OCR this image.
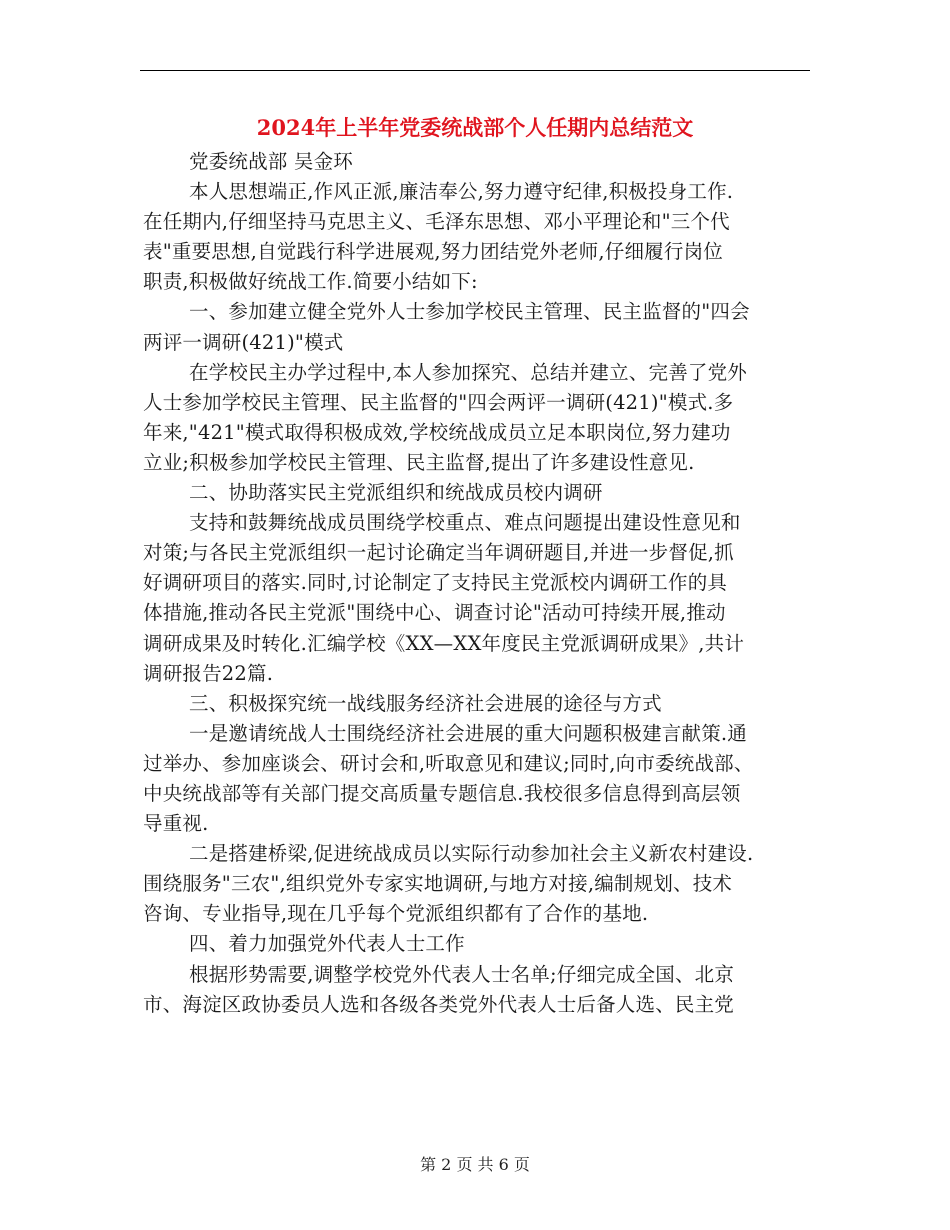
2024年上半年党委统战部个人任期内总结范文

党委统战部 吴金环

本人思想端正,作风正派,廉洁奉公,努力遵守纪律,积极投身工作.

在任期内,仔细坚持马克思主义、毛泽东思想、邓小平理论和"三个代

表"重要思想,自觉践行科学进展观,努力团结党外老师,仔细履行岗位

职责,积极做好统战工作.简要小结如下:

一、参加建立健全党外人士参加学校民主管理、民主监督的"四会

两评一调研(421)"模式

在学校民主办学过程中,本人参加探究、总结并建立、完善了党外

人士参加学校民主管理、民主监督的"四会两评一调研(421)"模式.多

年来,"421"模式取得积极成效,学校统战成员立足本职岗位,努力建功

立业;积极参加学校民主管理、民主监督,提出了许多建设性意见.

二、协助落实民主党派组织和统战成员校内调研

支持和鼓舞统战成员围绕学校重点、难点问题提出建设性意见和

对策;与各民主党派组织一起讨论确定当年调研题目,并进一步督促,抓

好调研项目的落实.同时,讨论制定了支持民主党派校内调研工作的具

体措施,推动各民主党派"围绕中心、调查讨论"活动可持续开展,推动

调研成果及时转化.汇编学校《XX—XX年度民主党派调研成果》,共计

调研报告22篇.

三、积极探究统一战线服务经济社会进展的途径与方式

一是邀请统战人士围绕经济社会进展的重大问题积极建言献策.通

过举办、参加座谈会、研讨会和,听取意见和建议;同时,向市委统战部、

中央统战部等有关部门提交高质量专题信息.我校很多信息得到高层领

导重视.

二是搭建桥梁,促进统战成员以实际行动参加社会主义新农村建设.

围绕服务"三农",组织党外专家实地调研,与地方对接,编制规划、技术

咨询、专业指导,现在几乎每个党派组织都有了合作的基地.

四、着力加强党外代表人士工作

根据形势需要,调整学校党外代表人士名单;仔细完成全国、北京

市、海淀区政协委员人选和各级各类党外代表人士后备人选、民主党

第 2 页 共 6 页
